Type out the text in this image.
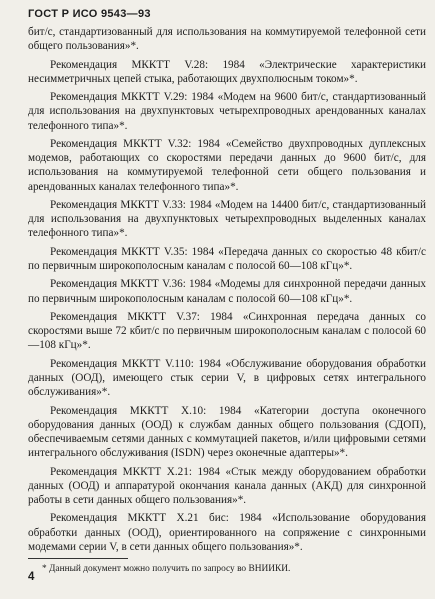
ГОСТ Р ИСО 9543—93

бит/с, стандартизованный для использования на коммутируемой телефонной сети общего пользования»*.

Рекомендация МККТТ V.28: 1984 «Электрические характеристики несимметричных цепей стыка, работающих двухполюсным током»*.

Рекомендация МККТТ V.29: 1984 «Модем на 9600 бит/с, стандартизованный для использования на двухпунктовых четырехпроводных арендованных каналах телефонного типа»*.

Рекомендация МККТТ V.32: 1984 «Семейство двухпроводных дуплексных модемов, работающих со скоростями передачи данных до 9600 бит/с, для использования на коммутируемой телефонной сети общего пользования и арендованных каналах телефонного типа»*.

Рекомендация МККТТ V.33: 1984 «Модем на 14400 бит/с, стандартизованный для использования на двухпунктовых четырехпроводных выделенных каналах телефонного типа»*.

Рекомендация МККТТ V.35: 1984 «Передача данных со скоростью 48 кбит/с по первичным широкополосным каналам с полосой 60—108 кГц»*.

Рекомендация МККТТ V.36: 1984 «Модемы для синхронной передачи данных по первичным широкополосным каналам с полосой 60—108 кГц»*.

Рекомендация МККТТ V.37: 1984 «Синхронная передача данных со скоростями выше 72 кбит/с по первичным широкополосным каналам с полосой 60—108 кГц»*.

Рекомендация МККТТ V.110: 1984 «Обслуживание оборудования обработки данных (ООД), имеющего стык серии V, в цифровых сетях интегрального обслуживания»*.

Рекомендация МККТТ X.10: 1984 «Категории доступа оконечного оборудования данных (ООД) к службам данных общего пользования (СДОП), обеспечиваемым сетями данных с коммутацией пакетов, и/или цифровыми сетями интегрального обслуживания (ISDN) через оконечные адаптеры»*.

Рекомендация МККТТ X.21: 1984 «Стык между оборудованием обработки данных (ООД) и аппаратурой окончания канала данных (АКД) для синхронной работы в сети данных общего пользования»*.

Рекомендация МККТТ X.21 бис: 1984 «Использование оборудования обработки данных (ООД), ориентированного на сопряжение с синхронными модемами серии V, в сети данных общего пользования»*.

* Данный документ можно получить по запросу во ВНИИКИ.

4
